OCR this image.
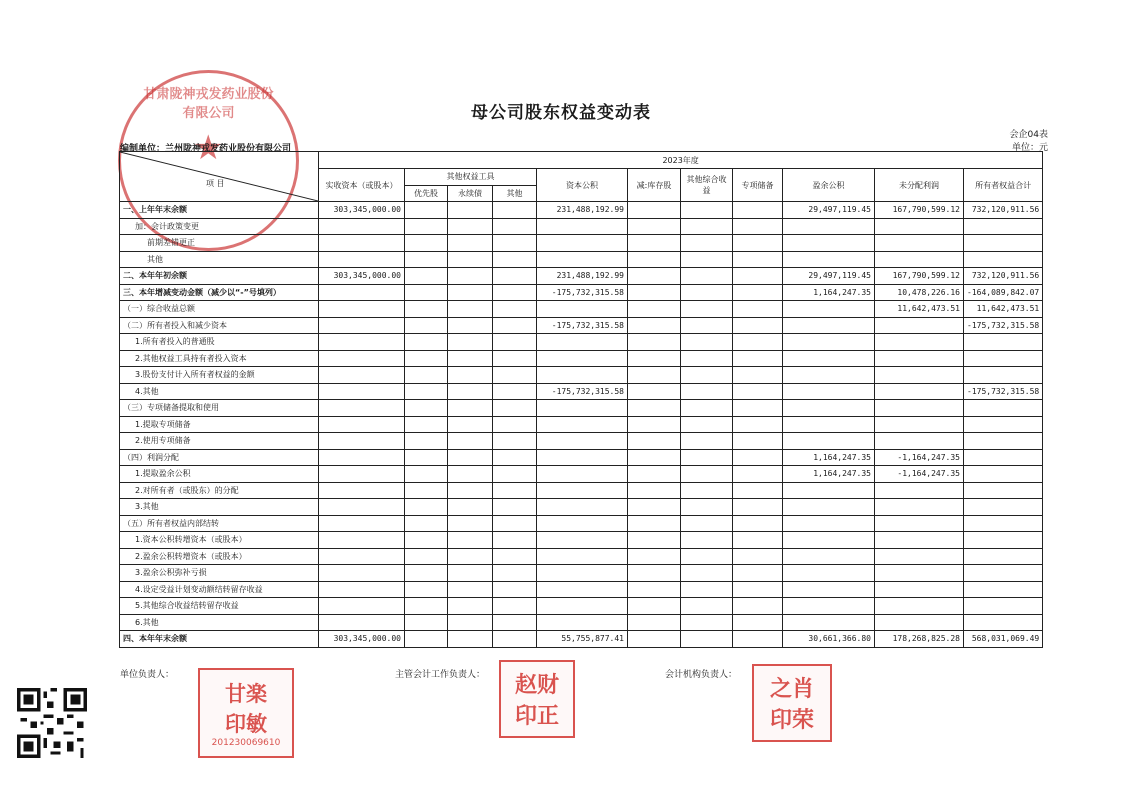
甘肃陇神戎发药业股份有限公司
★
母公司股东权益变动表
会企04表
单位：元
编制单位：兰州陇神戎发药业股份有限公司
项 目	2023年度										
	实收资本（或股本）	其他权益工具			资本公积	减:库存股	其他综合收益	专项储备	盈余公积	未分配利润	所有者权益合计
		优先股	永续债	其他							
一、上年年末余额	303,345,000.00				231,488,192.99				29,497,119.45	167,790,599.12	732,120,911.56
加：会计政策变更											
前期差错更正											
其他											
二、本年年初余额	303,345,000.00				231,488,192.99				29,497,119.45	167,790,599.12	732,120,911.56
三、本年增减变动金额（减少以“-”号填列）					-175,732,315.58				1,164,247.35	10,478,226.16	-164,089,842.07
（一）综合收益总额										11,642,473.51	11,642,473.51
（二）所有者投入和减少资本					-175,732,315.58						-175,732,315.58
1.所有者投入的普通股											
2.其他权益工具持有者投入资本											
3.股份支付计入所有者权益的金额											
4.其他					-175,732,315.58						-175,732,315.58
（三）专项储备提取和使用											
1.提取专项储备											
2.使用专项储备											
（四）利润分配									1,164,247.35	-1,164,247.35	
1.提取盈余公积									1,164,247.35	-1,164,247.35	
2.对所有者（或股东）的分配											
3.其他											
（五）所有者权益内部结转											
1.资本公积转增资本（或股本）											
2.盈余公积转增资本（或股本）											
3.盈余公积弥补亏损											
4.设定受益计划变动额结转留存收益											
5.其他综合收益结转留存收益											
6.其他											
四、本年年末余额	303,345,000.00				55,755,877.41				30,661,366.80	178,268,825.28	568,031,069.49
单位负责人：	主管会计工作负责人：	会计机构负责人：
甘楽
印敏
201230069610
赵财
印正
之肖
印荣
